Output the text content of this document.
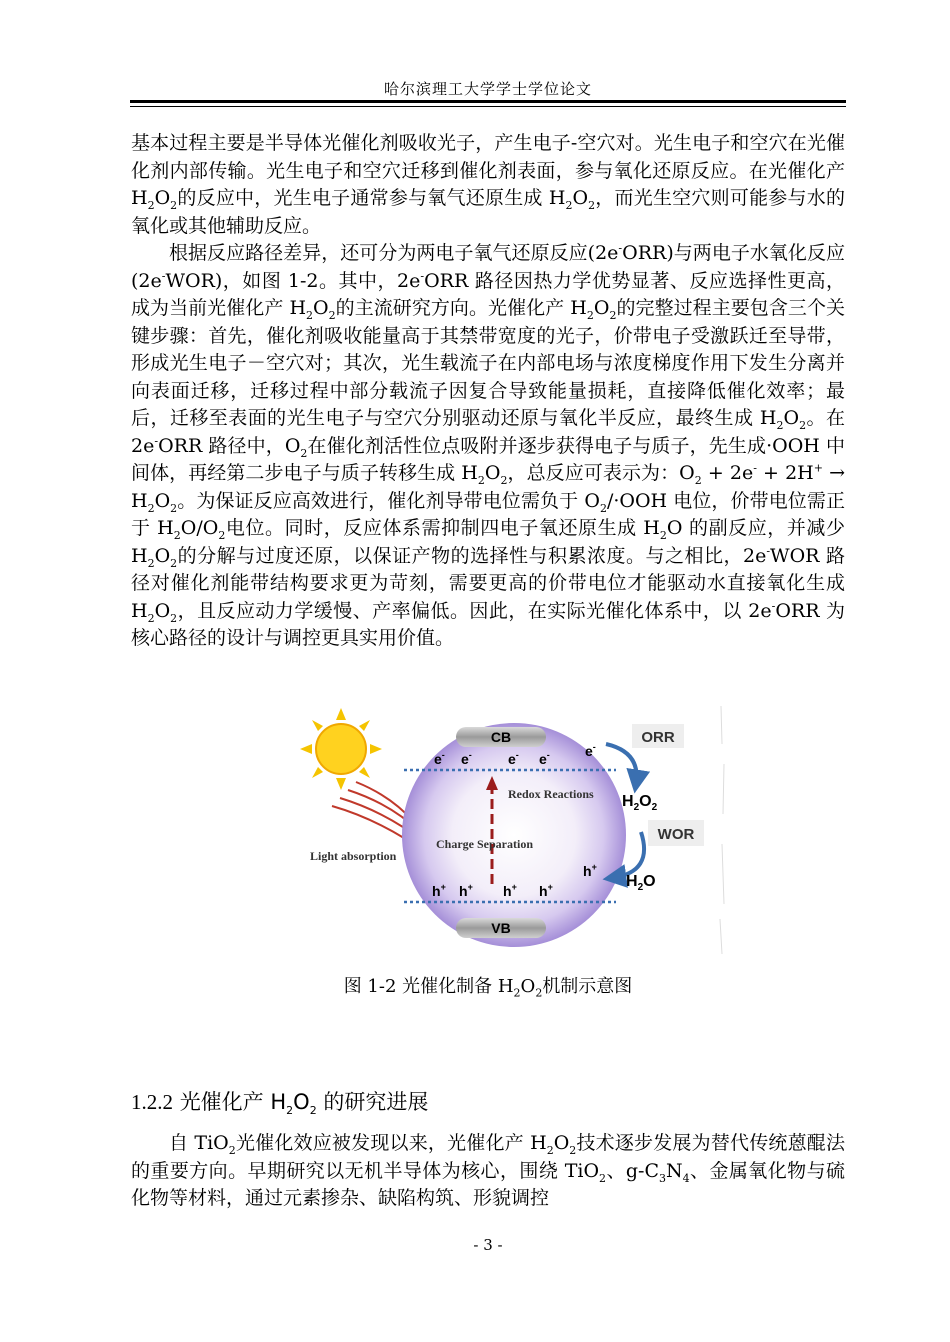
哈尔滨理工大学学士学位论文

基本过程主要是半导体光催化剂吸收光子，产生电子-空穴对。光生电子和空穴在光催化剂内部传输。光生电子和空穴迁移到催化剂表面，参与氧化还原反应。在光催化产 $H_2O_2$的反应中，光生电子通常参与氧气还原生成 $H_2O_2$，而光生空穴则可能参与水的氧化或其他辅助反应。

根据反应路径差异，还可分为两电子氧气还原反应(2e-ORR)与两电子水氧化反应(2e-WOR)，如图 1-2。其中，2e-ORR 路径因热力学优势显著、反应选择性更高，成为当前光催化产 $H_2O_2$的主流研究方向。光催化产 $H_2O_2$的完整过程主要包含三个关键步骤：首先，催化剂吸收能量高于其禁带宽度的光子，价带电子受激跃迁至导带，形成光生电子－空穴对；其次，光生载流子在内部电场与浓度梯度作用下发生分离并向表面迁移，迁移过程中部分载流子因复合导致能量损耗，直接降低催化效率；最后，迁移至表面的光生电子与空穴分别驱动还原与氧化半反应，最终生成 $H_2O_2$。在 2e-ORR 路径中，$O_2$在催化剂活性位点吸附并逐步获得电子与质子，先生成·OOH 中间体，再经第二步电子与质子转移生成 $H_2O_2$，总反应可表示为：$O_2 + 2e^- + 2H^+ \to H_2O_2$。为保证反应高效进行，催化剂导带电位需负于 $O_2/\cdot OOH$ 电位，价带电位需正于 $H_2O/O_2$电位。同时，反应体系需抑制四电子氧还原生成 $H_2O$ 的副反应，并减少 $H_2O_2$的分解与过度还原，以保证产物的选择性与积累浓度。与之相比，2e-WOR 路径对催化剂能带结构要求更为苛刻，需要更高的价带电位才能驱动水直接氧化生成 $H_2O_2$，且反应动力学缓慢、产率偏低。因此，在实际光催化体系中，以 2e-ORR 为核心路径的设计与调控更具实用价值。

CB
VB
e- e-	e- e-
h+ h+ h+ h+
Redox Reactions
Charge Separation
Light absorption
e-
ORR
$H_2O_2$
WOR
h+
$H_2O$
图 1-2 光催化制备 $H_2O_2$机制示意图
1.2.2 光催化产 $H_2O_2$ 的研究进展

自 TiO$_2$光催化效应被发现以来，光催化产 $H_2O_2$技术逐步发展为替代传统蒽醌法的重要方向。早期研究以无机半导体为核心，围绕 TiO$_2$、$g-C_3N_4$、金属氧化物与硫化物等材料，通过元素掺杂、缺陷构筑、形貌调控

- 3 -
